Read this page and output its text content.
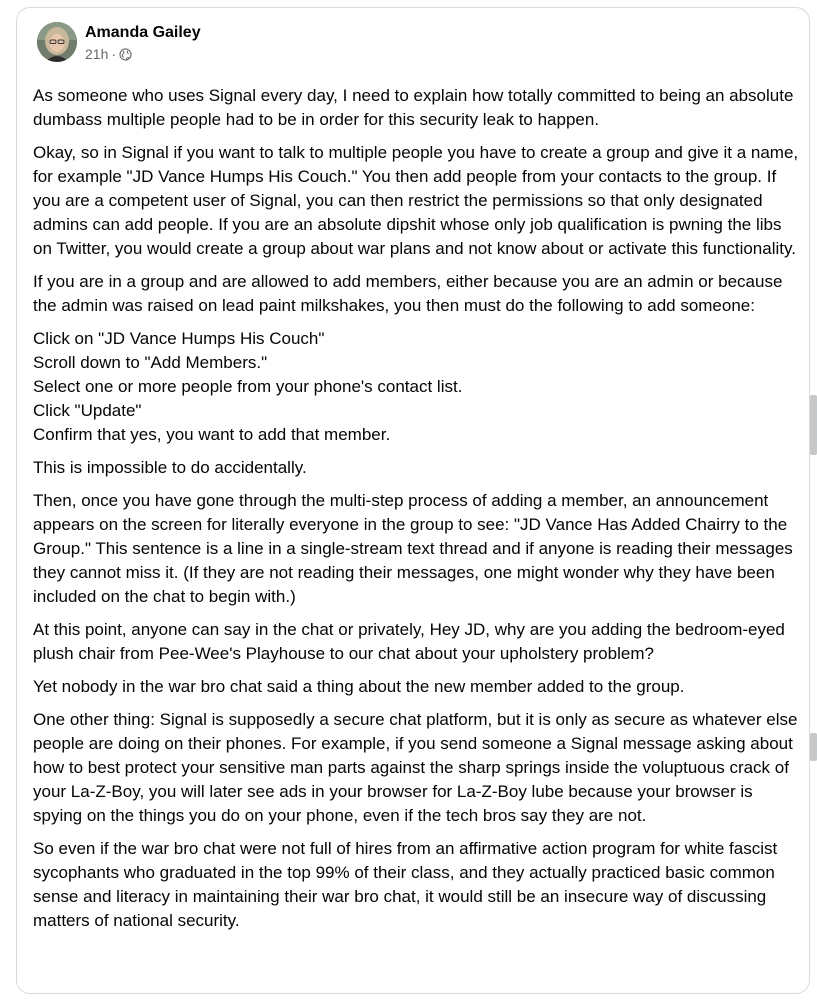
Amanda Gailey
21h ·

As someone who uses Signal every day, I need to explain how totally committed to being an absolute dumbass multiple people had to be in order for this security leak to happen.

Okay, so in Signal if you want to talk to multiple people you have to create a group and give it a name, for example "JD Vance Humps His Couch." You then add people from your contacts to the group. If you are a competent user of Signal, you can then restrict the permissions so that only designated admins can add people. If you are an absolute dipshit whose only job qualification is pwning the libs on Twitter, you would create a group about war plans and not know about or activate this functionality.

If you are in a group and are allowed to add members, either because you are an admin or because the admin was raised on lead paint milkshakes, you then must do the following to add someone:

Click on "JD Vance Humps His Couch"
Scroll down to "Add Members."
Select one or more people from your phone's contact list.
Click "Update"
Confirm that yes, you want to add that member.

This is impossible to do accidentally.

Then, once you have gone through the multi-step process of adding a member, an announcement appears on the screen for literally everyone in the group to see: "JD Vance Has Added Chairry to the Group." This sentence is a line in a single-stream text thread and if anyone is reading their messages they cannot miss it. (If they are not reading their messages, one might wonder why they have been included on the chat to begin with.)

At this point, anyone can say in the chat or privately, Hey JD, why are you adding the bedroom-eyed plush chair from Pee-Wee's Playhouse to our chat about your upholstery problem?

Yet nobody in the war bro chat said a thing about the new member added to the group.

One other thing: Signal is supposedly a secure chat platform, but it is only as secure as whatever else people are doing on their phones. For example, if you send someone a Signal message asking about how to best protect your sensitive man parts against the sharp springs inside the voluptuous crack of your La-Z-Boy, you will later see ads in your browser for La-Z-Boy lube because your browser is spying on the things you do on your phone, even if the tech bros say they are not.

So even if the war bro chat were not full of hires from an affirmative action program for white fascist sycophants who graduated in the top 99% of their class, and they actually practiced basic common sense and literacy in maintaining their war bro chat, it would still be an insecure way of discussing matters of national security.
